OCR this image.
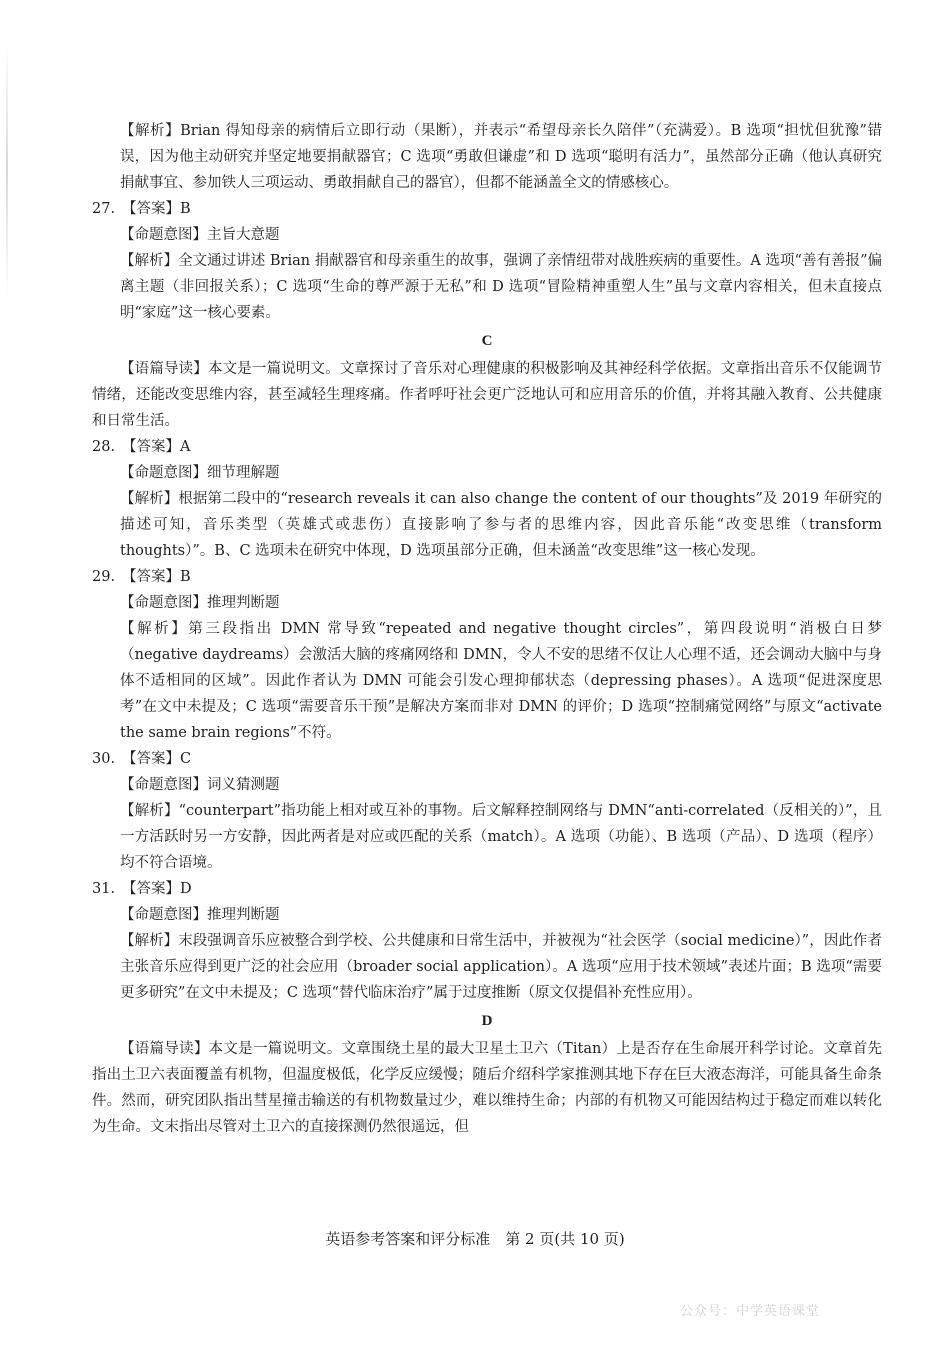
【解析】Brian 得知母亲的病情后立即行动（果断），并表示“希望母亲长久陪伴”（充满爱）。B 选项“担忧但犹豫”错误，因为他主动研究并坚定地要捐献器官；C 选项“勇敢但谦虚”和 D 选项“聪明有活力”，虽然部分正确（他认真研究捐献事宜、参加铁人三项运动、勇敢捐献自己的器官），但都不能涵盖全文的情感核心。

27. 【答案】B

【命题意图】主旨大意题

【解析】全文通过讲述 Brian 捐献器官和母亲重生的故事，强调了亲情纽带对战胜疾病的重要性。A 选项“善有善报”偏离主题（非回报关系）；C 选项“生命的尊严源于无私”和 D 选项“冒险精神重塑人生”虽与文章内容相关，但未直接点明“家庭”这一核心要素。

C

【语篇导读】本文是一篇说明文。文章探讨了音乐对心理健康的积极影响及其神经科学依据。文章指出音乐不仅能调节情绪，还能改变思维内容，甚至减轻生理疼痛。作者呼吁社会更广泛地认可和应用音乐的价值，并将其融入教育、公共健康和日常生活。

28. 【答案】A

【命题意图】细节理解题

【解析】根据第二段中的“research reveals it can also change the content of our thoughts”及 2019 年研究的描述可知，音乐类型（英雄式或悲伤）直接影响了参与者的思维内容，因此音乐能“改变思维（transform thoughts）”。B、C 选项未在研究中体现，D 选项虽部分正确，但未涵盖“改变思维”这一核心发现。

29. 【答案】B

【命题意图】推理判断题

【解析】第三段指出 DMN 常导致“repeated and negative thought circles”，第四段说明“消极白日梦（negative daydreams）会激活大脑的疼痛网络和 DMN，令人不安的思绪不仅让人心理不适，还会调动大脑中与身体不适相同的区域”。因此作者认为 DMN 可能会引发心理抑郁状态（depressing phases）。A 选项“促进深度思考”在文中未提及；C 选项“需要音乐干预”是解决方案而非对 DMN 的评价；D 选项“控制痛觉网络”与原文“activate the same brain regions”不符。

30. 【答案】C

【命题意图】词义猜测题

【解析】“counterpart”指功能上相对或互补的事物。后文解释控制网络与 DMN“anti-correlated（反相关的）”，且一方活跃时另一方安静，因此两者是对应或匹配的关系（match）。A 选项（功能）、B 选项（产品）、D 选项（程序）均不符合语境。

31. 【答案】D

【命题意图】推理判断题

【解析】末段强调音乐应被整合到学校、公共健康和日常生活中，并被视为“社会医学（social medicine）”，因此作者主张音乐应得到更广泛的社会应用（broader social application）。A 选项“应用于技术领域”表述片面；B 选项“需要更多研究”在文中未提及；C 选项“替代临床治疗”属于过度推断（原文仅提倡补充性应用）。

D

【语篇导读】本文是一篇说明文。文章围绕土星的最大卫星土卫六（Titan）上是否存在生命展开科学讨论。文章首先指出土卫六表面覆盖有机物，但温度极低，化学反应缓慢；随后介绍科学家推测其地下存在巨大液态海洋，可能具备生命条件。然而，研究团队指出彗星撞击输送的有机物数量过少，难以维持生命；内部的有机物又可能因结构过于稳定而难以转化为生命。文末指出尽管对土卫六的直接探测仍然很遥远，但

英语参考答案和评分标准　第 2 页(共 10 页)
公众号：中学英语课堂
